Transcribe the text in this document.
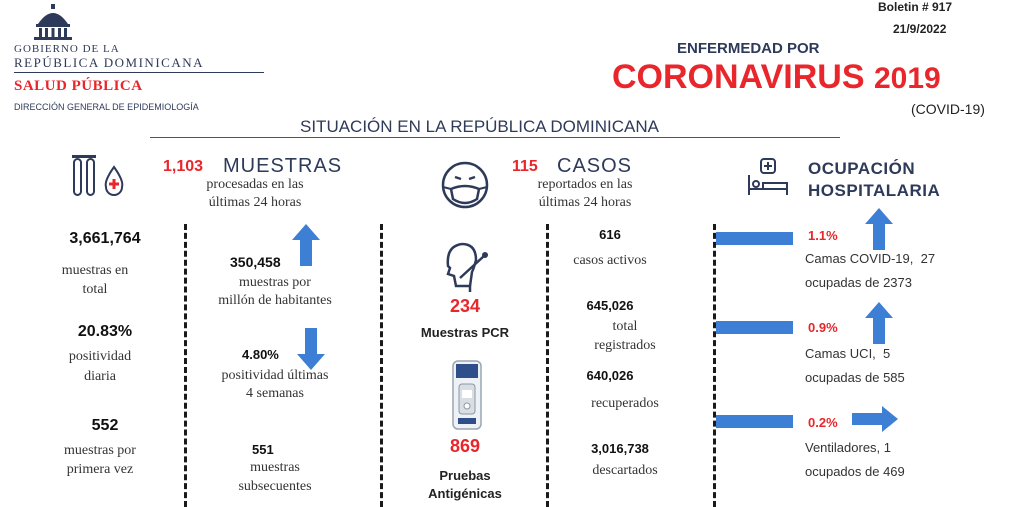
GOBIERNO DE LA
REPÚBLICA DOMINICANA
SALUD PÚBLICA
DIRECCIÓN GENERAL DE EPIDEMIOLOGÍA
Boletin # 917
21/9/2022
ENFERMEDAD POR
CORONAVIRUS 2019
(COVID-19)
SITUACIÓN EN LA REPÚBLICA DOMINICANA
1,103 MUESTRAS
procesadas en las
últimas 24 horas
3,661,764
muestras en
total
20.83%
positividad
diaria
552
muestras por
primera vez
350,458
muestras por
millón de habitantes
4.80%
positividad últimas
4 semanas
551
muestras
subsecuentes
115 CASOS
reportados en las
últimas 24 horas
234
Muestras PCR
869
Pruebas
Antigénicas
616
casos activos
645,026
total
registrados
640,026
recuperados
3,016,738
descartados
OCUPACIÓN
HOSPITALARIA
1.1%
Camas COVID-19,  27
ocupadas de 2373
0.9%
Camas UCI,  5
ocupadas de 585
0.2%
Ventiladores, 1
ocupados de 469
